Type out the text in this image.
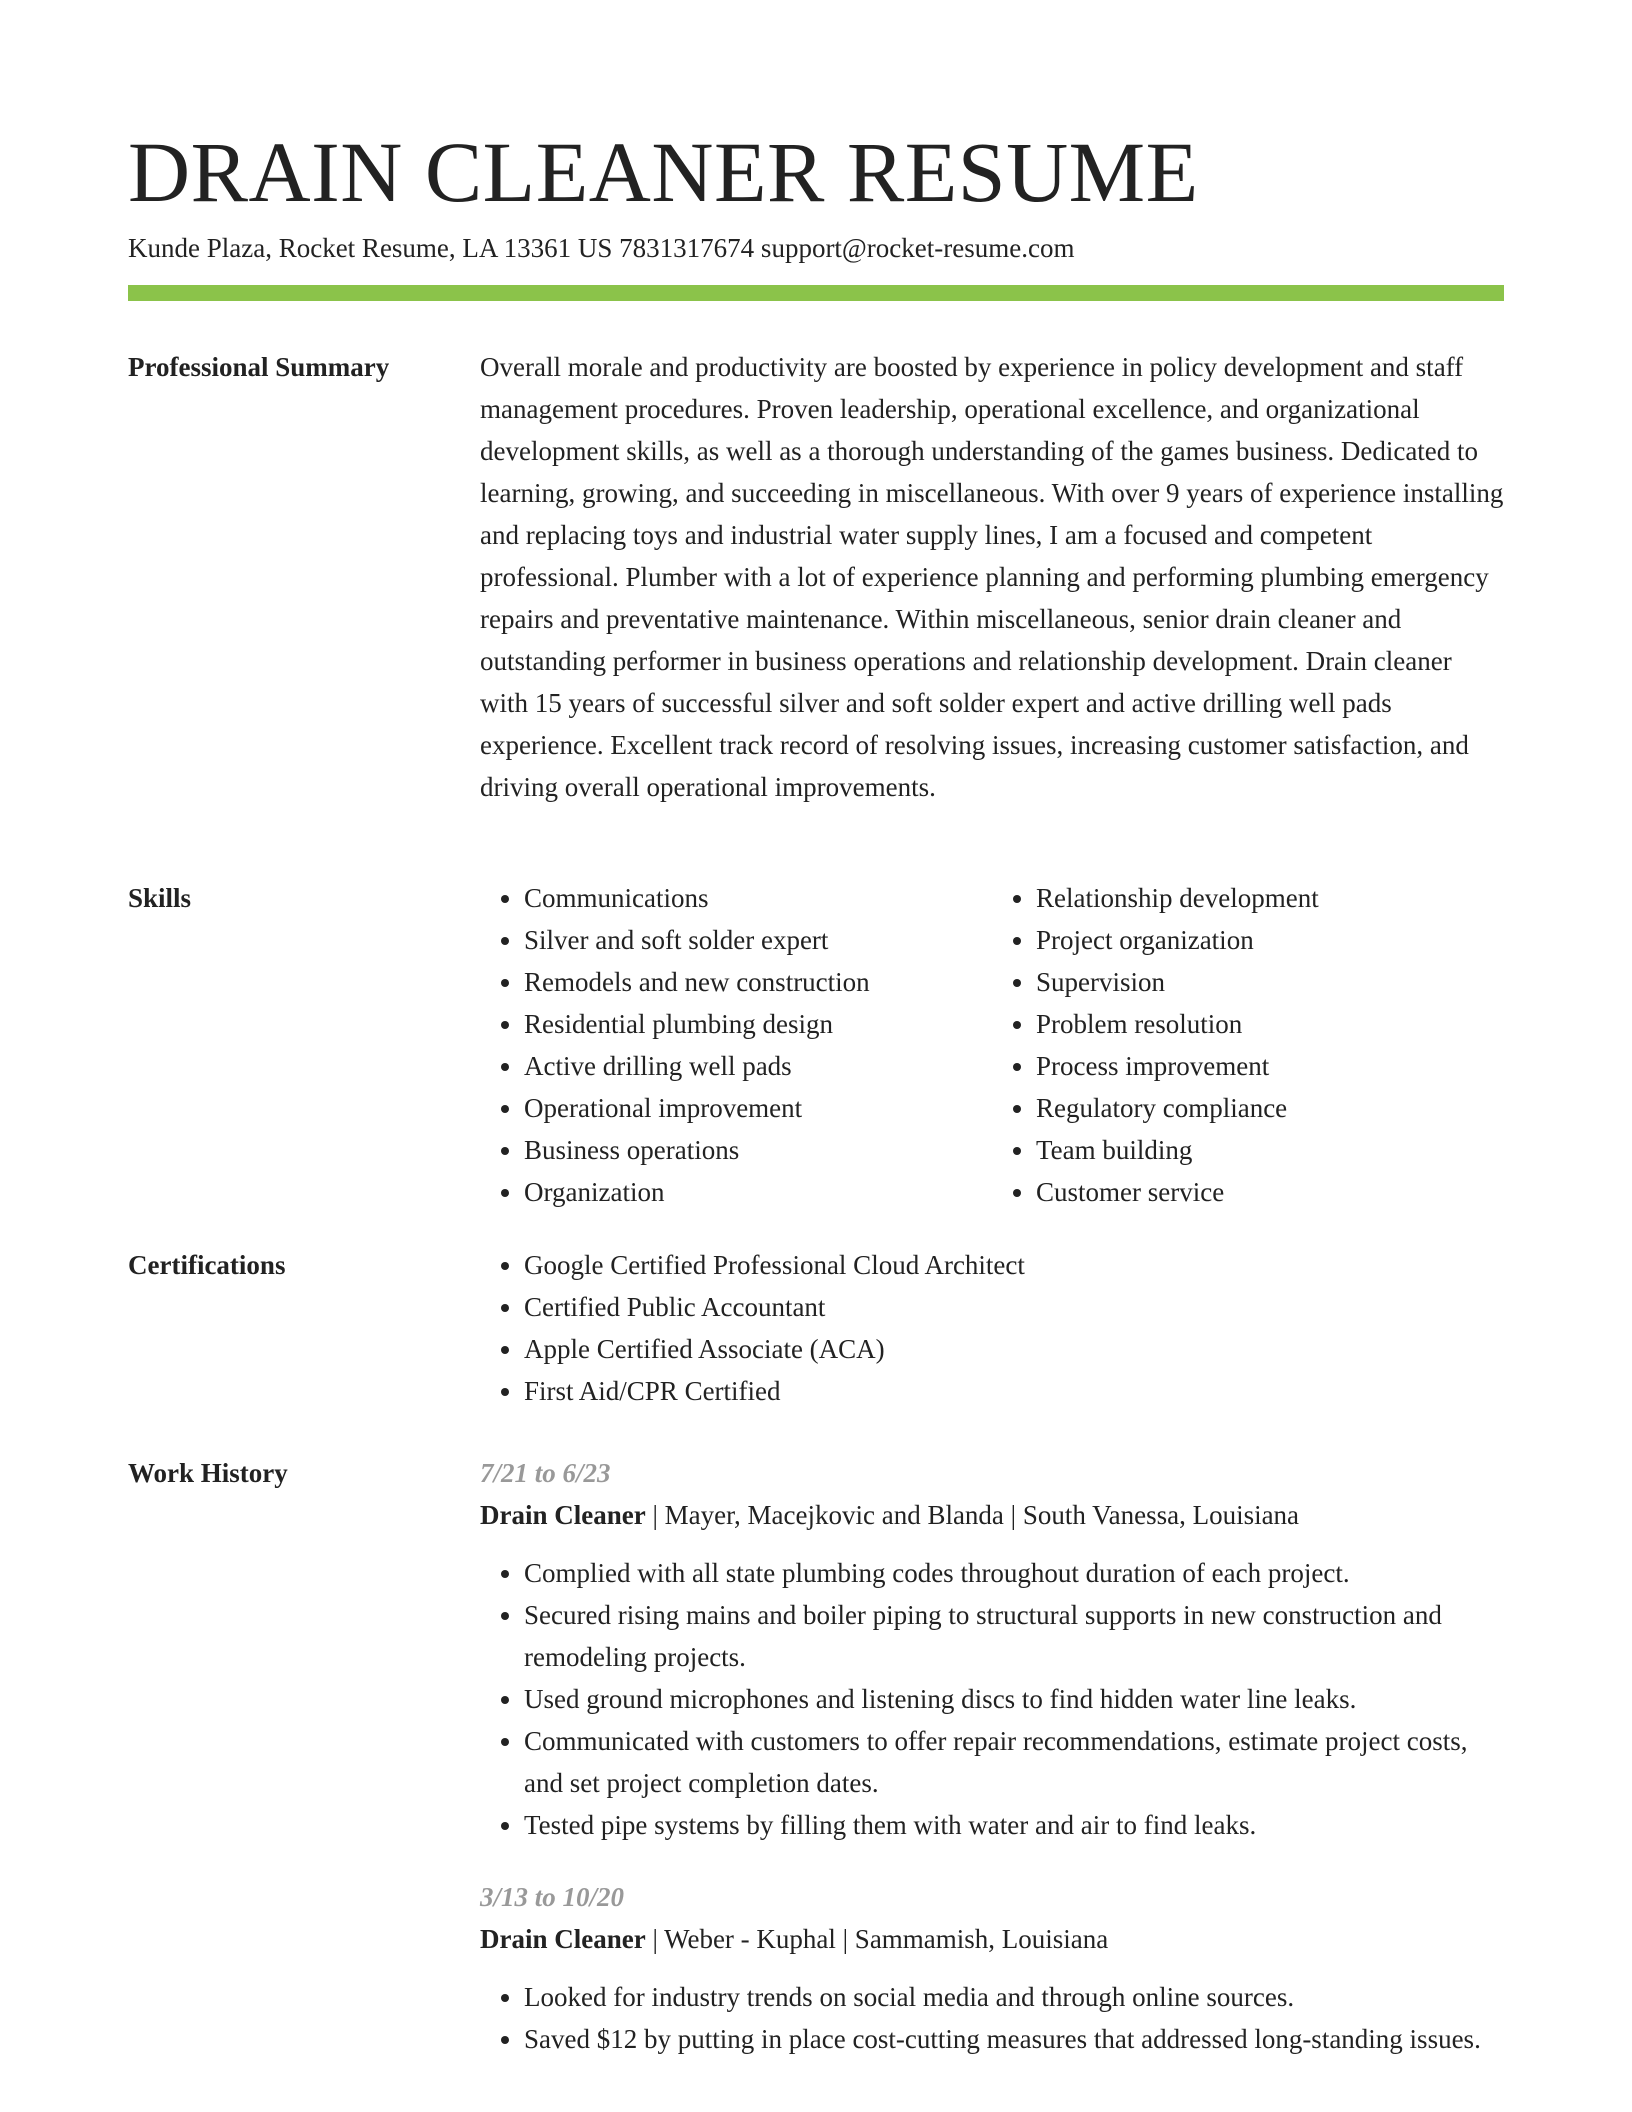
DRAIN CLEANER RESUME
Kunde Plaza, Rocket Resume, LA 13361 US 7831317674 support@rocket-resume.com
Professional Summary	Overall morale and productivity are boosted by experience in policy development and staff management procedures. Proven leadership, operational excellence, and organizational development skills, as well as a thorough understanding of the games business. Dedicated to learning, growing, and succeeding in miscellaneous. With over 9 years of experience installing and replacing toys and industrial water supply lines, I am a focused and competent professional. Plumber with a lot of experience planning and performing plumbing emergency repairs and preventative maintenance. Within miscellaneous, senior drain cleaner and outstanding performer in business operations and relationship development. Drain cleaner with 15 years of successful silver and soft solder expert and active drilling well pads experience. Excellent track record of resolving issues, increasing customer satisfaction, and driving overall operational improvements.

Skills	• Communications
• Silver and soft solder expert
• Remodels and new construction
• Residential plumbing design
• Active drilling well pads
• Operational improvement
• Business operations
• Organization
• Relationship development
• Project organization
• Supervision
• Problem resolution
• Process improvement
• Regulatory compliance
• Team building
• Customer service
Certifications	• Google Certified Professional Cloud Architect
• Certified Public Accountant
• Apple Certified Associate (ACA)
• First Aid/CPR Certified
Work History	7/21 to 6/23
Drain Cleaner | Mayer, Macejkovic and Blanda | South Vanessa, Louisiana
• Complied with all state plumbing codes throughout duration of each project.
• Secured rising mains and boiler piping to structural supports in new construction and remodeling projects.
• Used ground microphones and listening discs to find hidden water line leaks.
• Communicated with customers to offer repair recommendations, estimate project costs, and set project completion dates.
• Tested pipe systems by filling them with water and air to find leaks.
3/13 to 10/20
Drain Cleaner | Weber - Kuphal | Sammamish, Louisiana
• Looked for industry trends on social media and through online sources.
• Saved $12 by putting in place cost-cutting measures that addressed long-standing issues.
